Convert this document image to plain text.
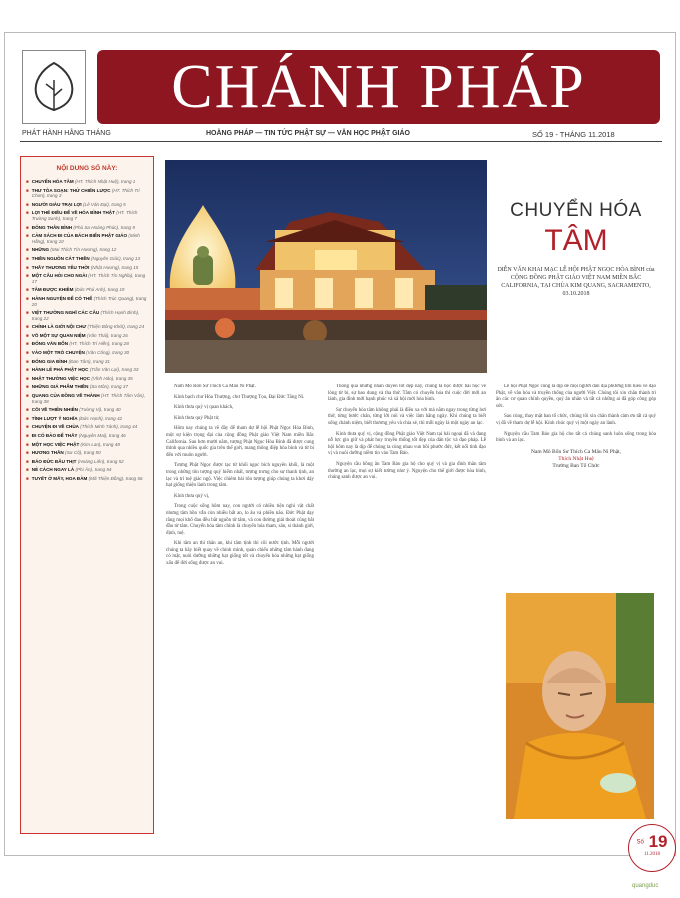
CHÁNH PHÁP
PHÁT HÀNH HẰNG THÁNG	HOẰNG PHÁP — TIN TỨC PHẬT SỰ — VĂN HỌC PHẬT GIÁO	SỐ 19 - THÁNG 11.2018
NỘI DUNG SỐ NÀY:
■ CHUYỂN HÓA TÂM (HT. Thích Nhật Huệ), trang 1
■ THƯ TÒA SOẠN: THỬ CHIẾN LƯỢC (HT. Thích Trí Chơn), trang 3
■ NGƯỜI GIÀU TRẠI LỢI (Lê Văn Đại), trang 5
■ LỢI THẾ ĐIỀU ĐỂ VỀ HÓA BÌNH THẬT (HT. Thích Trường Sanh), trang 7
■ ĐỐNG THÂN BÌNH (Phù Sa Hoàng Phúc), trang 9
■ CẢM SÁCH ĐI CỦA BÁCH BIỂN PHẬT GIÁO (Minh Hằng), trang 10
■ NHỮNG (Mai Thích Tín Hương), trang 12
■ THIỀN NGUỒN CÁT THIỀN (Nguyên Giác), trang 13
■ THẦY THƯƠNG YÊU THỜI (Nhật Hương), trang 15
■ MỘT CÂU HỎI CHO NGÀI (HT. Thích Tín Nghĩa), trang 17
■ TÂM ĐƯỢC KHIÊM (Đức Phú Anh), trang 19
■ HÀNH NGUYỆN ĐỂ CÓ THỂ (Thích Trúc Quang), trang 20
■ VIỆT THƯỜNG NGHĨ CÁC CÂU (Thích Hạnh Bình), trang 22
■ CHÍNH LÀ GIỚI NỘI CHƯ (Thiện Bông Khởi), trang 24
■ VÕ MỘT SỰ QUAN NIỆM (Văn Thái), trang 26
■ ĐỐNG VĂN BỔN (HT. Thích Trí Hiền), trang 28
■ VÀO MỘT TRÒ CHUYỆN (Văn Công), trang 30
■ ĐỐNG GIA ĐÌNH (Đan Tâm), trang 31
■ HÀNH LỄ PHÁ PHẬT HỌC (Trần Văn Lợi), trang 33
■ NHẬT THƯỜNG VIỆC HỌC (Vĩnh Hảo), trang 35
■ NHỮNG GIÁ PHẨM THIỀN (Sa Môn), trang 37
■ QUANG CỦA ĐỒNG VỀ THÀNH (HT. Thích Tâm Vân), trang 38
■ CÕI VỀ THIÊN NHIÊN (Tường Vi), trang 40
■ TÌNH LƯỢT Ý NGHĨA (Đức Hạnh), trang 42
■ CHUYỆN ĐI VỀ CHÙA (Thích Minh Tánh), trang 44
■ ĐI CÓ ĐẢO ĐỂ THẤY (Nguyên Mai), trang 46
■ MỘT HỌC VIỆC PHẬT (Kim Lan), trang 48
■ HƯƠNG THẦN (Sư Cô), trang 50
■ BÁO ĐỨC ĐÂU THỊT (Hoàng Liên), trang 52
■ NẺ CÁCH NGAY LÀ (Phi Ân), trang 54
■ TUYẾT Ở MẤY, HOA ĐÀM (Mã Thiện Đồng), trang 56
CHUYỂN HÓA
TÂM
DIỄN VĂN KHAI MẠC LỄ HỘI PHẬT NGỌC HÒA BÌNH của CỘNG ĐỒNG PHẬT GIÁO VIỆT NAM MIỀN BẮC CALIFORNIA, TẠI CHÙA KIM QUANG, SACRAMENTO, 03.10.2018

Nam Mô Bổn Sư Thích Ca Mâu Ni Phật.

Kính bạch chư Hòa Thượng, chư Thượng Tọa, Đại Đức Tăng Ni.

Kính thưa quý vị quan khách,

Kính thưa quý Phật tử,

Hôm nay chúng ta về đây để tham dự lễ hội Phật Ngọc Hòa Bình, một sự kiện trọng đại của cộng đồng Phật giáo Việt Nam miền Bắc California. Sau hơn mười năm, tượng Phật Ngọc Hòa Bình đã được cung thỉnh qua nhiều quốc gia trên thế giới, mang thông điệp hòa bình và từ bi đến với muôn người.

Tượng Phật Ngọc được tạc từ khối ngọc bích nguyên khối, là một trong những tôn tượng quý hiếm nhất, tượng trưng cho sự thanh tịnh, an lạc và trí tuệ giác ngộ. Việc chiêm bái tôn tượng giúp chúng ta khơi dậy hạt giống thiện lành trong tâm.

Kính thưa quý vị,

Trong cuộc sống hôm nay, con người có nhiều tiện nghi vật chất nhưng tâm hồn vẫn còn nhiều bất an, lo âu và phiền não. Đức Phật dạy rằng mọi khổ đau đều bắt nguồn từ tâm, và con đường giải thoát cũng bắt đầu từ tâm. Chuyển hóa tâm chính là chuyển hóa tham, sân, si thành giới, định, tuệ.

Khi tâm an thì thân an, khi tâm tịnh thì cõi nước tịnh. Mỗi người chúng ta hãy biết quay về chính mình, quán chiếu những tâm hành đang có mặt, nuôi dưỡng những hạt giống tốt và chuyển hóa những hạt giống xấu để đời sống được an vui.

Thông qua những nhân duyên tốt đẹp này, chúng ta học được bài học về lòng từ bi, sự bao dung và tha thứ. Tâm có chuyển hóa thì cuộc đời mới an lành, gia đình mới hạnh phúc và xã hội mới hòa bình.

Sự chuyển hóa tâm không phải là điều xa vời mà nằm ngay trong từng hơi thở, từng bước chân, từng lời nói và việc làm hằng ngày. Khi chúng ta biết sống chánh niệm, biết thương yêu và chia sẻ, thì mỗi ngày là một ngày an lạc.

Kính thưa quý vị, cộng đồng Phật giáo Việt Nam tại hải ngoại đã và đang nỗ lực gìn giữ và phát huy truyền thống tốt đẹp của dân tộc và đạo pháp. Lễ hội hôm nay là dịp để chúng ta cùng nhau vun bồi phước đức, kết nối tình đạo vị và nuôi dưỡng niềm tin vào Tam Bảo.

Nguyện cầu hồng ân Tam Bảo gia hộ cho quý vị và gia đình thân tâm thường an lạc, mọi sự kiết tường như ý. Nguyện cho thế giới được hòa bình, chúng sanh được an vui.

Lễ hội Phật Ngọc cũng là dịp để mọi người dân địa phương tìm hiểu về đạo Phật, về văn hóa và truyền thống của người Việt. Chúng tôi xin chân thành tri ân các cơ quan chính quyền, quý ân nhân và tất cả những ai đã góp công góp sức.

Sau cùng, thay mặt ban tổ chức, chúng tôi xin chân thành cảm ơn tất cả quý vị đã về tham dự lễ hội. Kính chúc quý vị một ngày an lành.

Nguyện cầu Tam Bảo gia hộ cho tất cả chúng sanh luôn sống trong hòa bình và an lạc.

Nam Mô Bổn Sư Thích Ca Mâu Ni Phật,
Thích Nhật Huệ
Trưởng Ban Tổ Chức
Số 19
11.2018
quangduc
